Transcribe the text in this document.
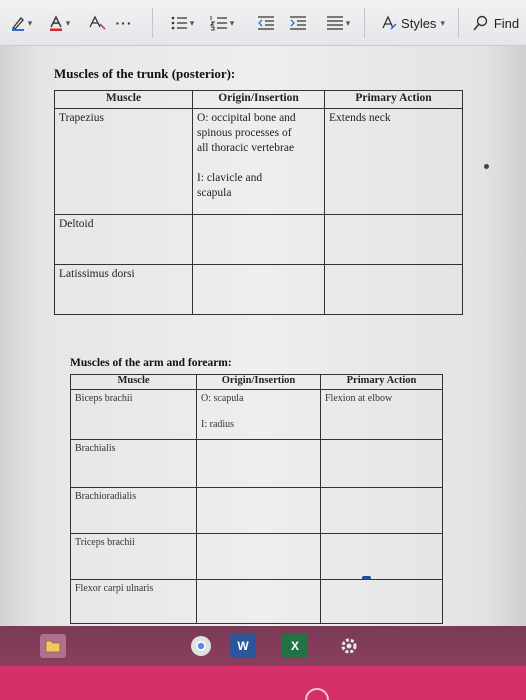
▾	▾	···	▾	▾	▾	Styles ▾	Find
Muscles of the trunk (posterior):
Muscle	Origin/Insertion	Primary Action
Trapezius	O: occipital bone and
spinous processes of
all thoracic vertebrae

I: clavicle and
scapula	Extends neck
Deltoid		
Latissimus dorsi		
Muscles of the arm and forearm:
Muscle	Origin/Insertion	Primary Action
Biceps brachii	O: scapula

I: radius	Flexion at elbow
Brachialis		
Brachioradialis		
Triceps brachii		
Flexor carpi ulnaris		
W	X
